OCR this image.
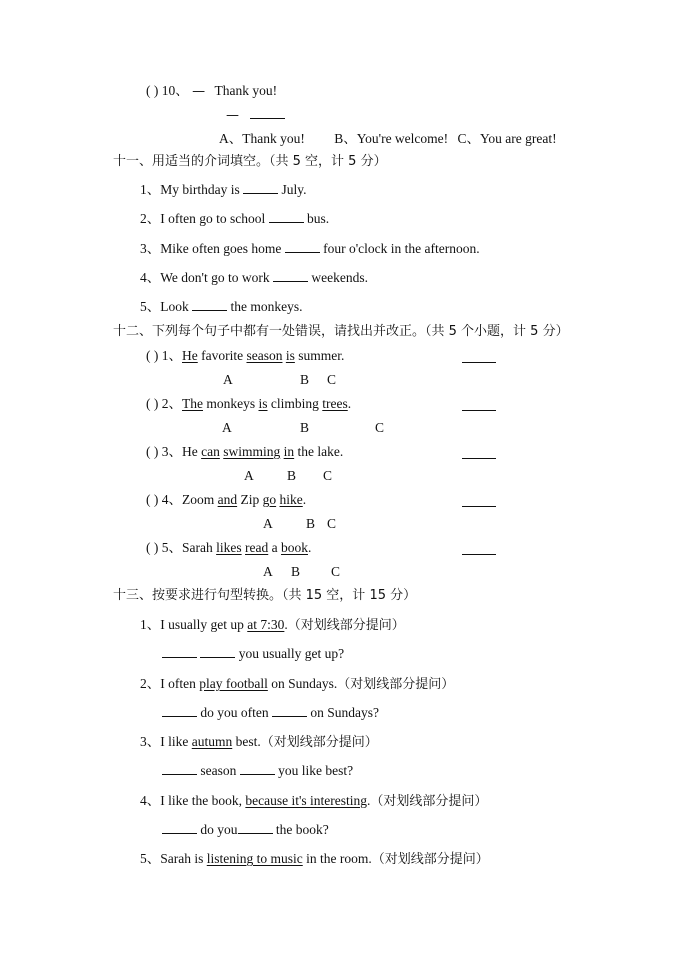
( ) 10、 — Thank you!
—
A、Thank you! B、You're welcome! C、You are great!
十一、用适当的介词填空。（共 5 空，计 5 分）
1、My birthday is	July.
2、I often go to school	bus.
3、Mike often goes home	four o'clock in the afternoon.
4、We don't go to work	weekends.
5、Look	the monkeys.
十二、下列每个句子中都有一处错误，请找出并改正。（共 5 个小题，计 5 分）
( ) 1、He favorite season is summer.
A	B C
( ) 2、The monkeys is climbing trees.
A	B	C
( ) 3、He can swimming in the lake.
A B C
( ) 4、Zoom and Zip go hike.
A B C
( ) 5、Sarah likes read a book.
A B C
十三、按要求进行句型转换。（共 15 空，计 15 分）
1、I usually get up at 7:30.（对划线部分提问）
you usually get up?
2、I often play football on Sundays.（对划线部分提问）
do you often	on Sundays?
3、I like autumn best.（对划线部分提问）
season	you like best?
4、I like the book, because it's interesting.（对划线部分提问）
do you	the book?
5、Sarah is listening to music in the room.（对划线部分提问）
